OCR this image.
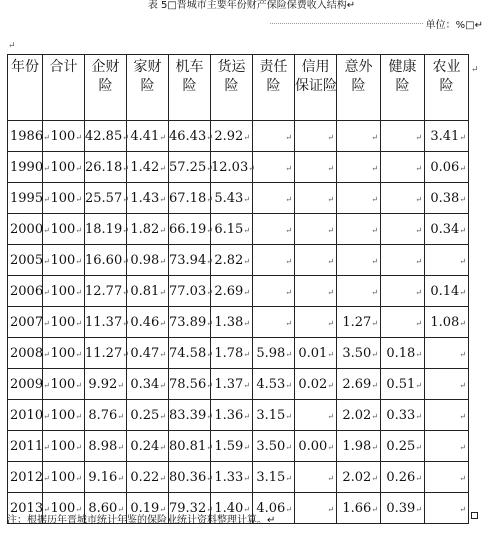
表 5□晋城市主要年份财产保险保费收入结构↵
单位：%□↵
↵
年份	合计	企财
险	家财
险	机车
险	货运
险	责任
险	信用
保证险	意外
险	健康
险	农业
险

1986↵	100↵	42.85↵	4.41↵	46.43↵	2.92↵	↵	↵	↵	↵	3.41↵
1990↵	100↵	26.18↵	1.42↵	57.25↵	12.03↵	↵	↵	↵	↵	0.06↵
1995↵	100↵	25.57↵	1.43↵	67.18↵	5.43↵	↵	↵	↵	↵	0.38↵
2000↵	100↵	18.19↵	1.82↵	66.19↵	6.15↵	↵	↵	↵	↵	0.34↵
2005↵	100↵	16.60↵	0.98↵	73.94↵	2.82↵	↵	↵	↵	↵	↵
2006↵	100↵	12.77↵	0.81↵	77.03↵	2.69↵	↵	↵	↵	↵	0.14↵
2007↵	100↵	11.37↵	0.46↵	73.89↵	1.38↵	↵	↵	1.27↵	↵	1.08↵
2008↵	100↵	11.27↵	0.47↵	74.58↵	1.78↵	5.98↵	0.01↵	3.50↵	0.18↵	↵
2009↵	100↵	9.92↵	0.34↵	78.56↵	1.37↵	4.53↵	0.02↵	2.69↵	0.51↵	↵
2010↵	100↵	8.76↵	0.25↵	83.39↵	1.36↵	3.15↵	↵	2.02↵	0.33↵	↵
2011↵	100↵	8.98↵	0.24↵	80.81↵	1.59↵	3.50↵	0.00↵	1.98↵	0.25↵	↵
2012↵	100↵	9.16↵	0.22↵	80.36↵	1.33↵	3.15↵	↵	2.02↵	0.26↵	↵
2013↵	100↵	8.60↵	0.19↵	79.32↵	1.40↵	4.06↵	↵	1.66↵	0.39↵	↵
↵
注：根据历年晋城市统计年鉴的保险业统计资料整理计算。↵
